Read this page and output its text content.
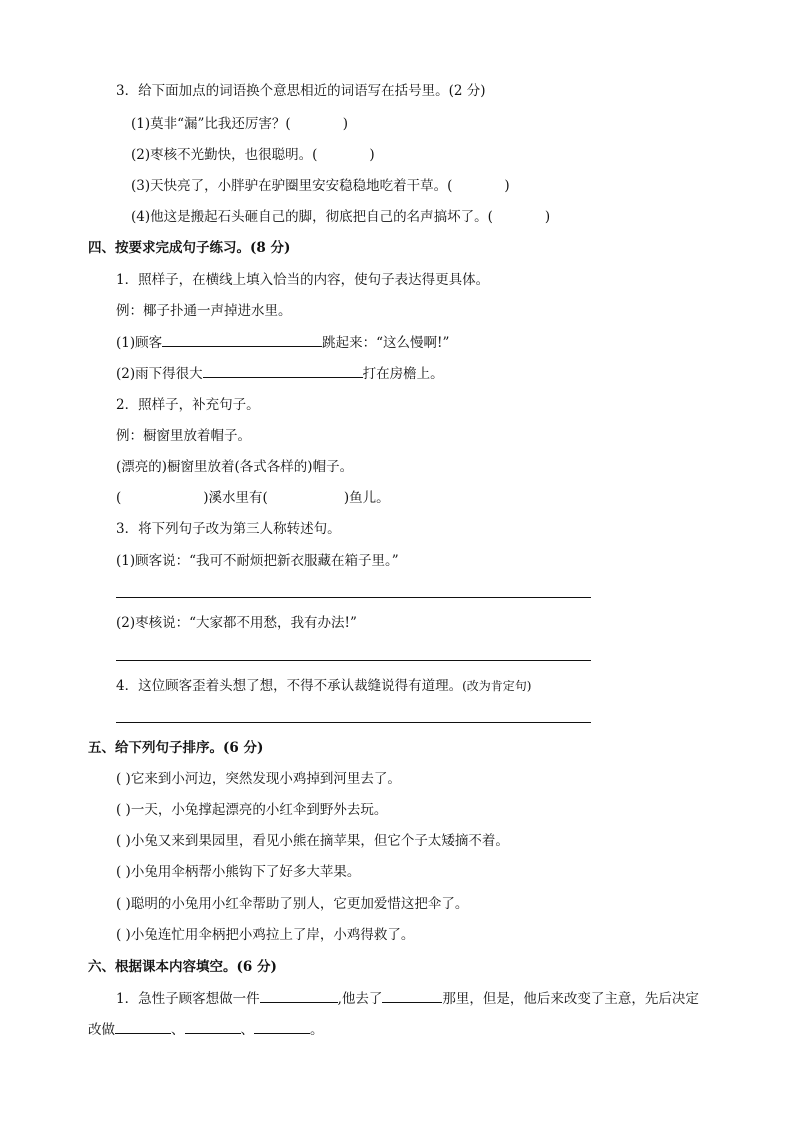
3．给下面加点的词语换个意思相近的词语写在括号里。(2 分)
(1)莫非“漏”比我还厉害？(	)
(2)枣核不光勤快，也很聪明。(	)
(3)天快亮了，小胖驴在驴圈里安安稳稳地吃着干草。(	)
(4)他这是搬起石头砸自己的脚，彻底把自己的名声搞坏了。(	)
四、按要求完成句子练习。(8 分)
1．照样子，在横线上填入恰当的内容，使句子表达得更具体。
例：椰子扑通一声掉进水里。
(1)顾客	跳起来：“这么慢啊!”
(2)雨下得很大	打在房檐上。
2．照样子，补充句子。
例：橱窗里放着帽子。
(漂亮的)橱窗里放着(各式各样的)帽子。
(	)溪水里有(	)鱼儿。
3．将下列句子改为第三人称转述句。
(1)顾客说：“我可不耐烦把新衣服藏在箱子里。”
(2)枣核说：“大家都不用愁，我有办法!”
4．这位顾客歪着头想了想，不得不承认裁缝说得有道理。(改为肯定句)
五、给下列句子排序。(6 分)
( )它来到小河边，突然发现小鸡掉到河里去了。
( )一天，小兔撑起漂亮的小红伞到野外去玩。
( )小兔又来到果园里，看见小熊在摘苹果，但它个子太矮摘不着。
( )小兔用伞柄帮小熊钩下了好多大苹果。
( )聪明的小兔用小红伞帮助了别人，它更加爱惜这把伞了。
( )小兔连忙用伞柄把小鸡拉上了岸，小鸡得救了。
六、根据课本内容填空。(6 分)
1．急性子顾客想做一件	,他去了	那里，但是，他后来改变了主意，先后决定
改做	、	、	。
